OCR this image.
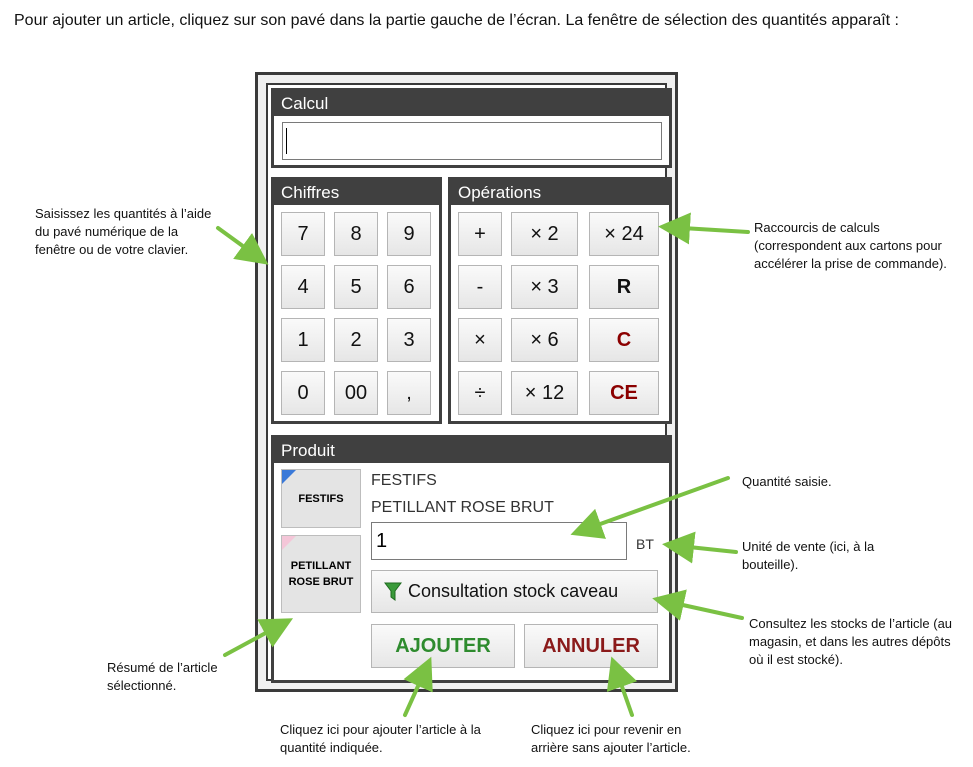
Pour ajouter un article, cliquez sur son pavé dans la partie gauche de l’écran. La fenêtre de sélection des quantités apparaît :
Calcul
Chiffres
7	8	9
4	5	6
1	2	3
0	00	,
Opérations
+	× 2	× 24
-	× 3	R
×	× 6	C
÷	× 12	CE
Produit
FESTIFS
PETILLANT ROSE BRUT
FESTIFS
PETILLANT ROSE BRUT
1	BT
Consultation stock caveau
AJOUTER	ANNULER
Saisissez les quantités à l’aide du pavé numérique de la fenêtre ou de votre clavier.
Raccourcis de calculs (correspondent aux cartons pour accélérer la prise de commande).
Quantité saisie.
Unité de vente (ici, à la bouteille).
Consultez les stocks de l’article (au magasin, et dans les autres dépôts où il est stocké).
Résumé de l’article sélectionné.
Cliquez ici pour ajouter l’article à la quantité indiquée.
Cliquez ici pour revenir en arrière sans ajouter l’article.
